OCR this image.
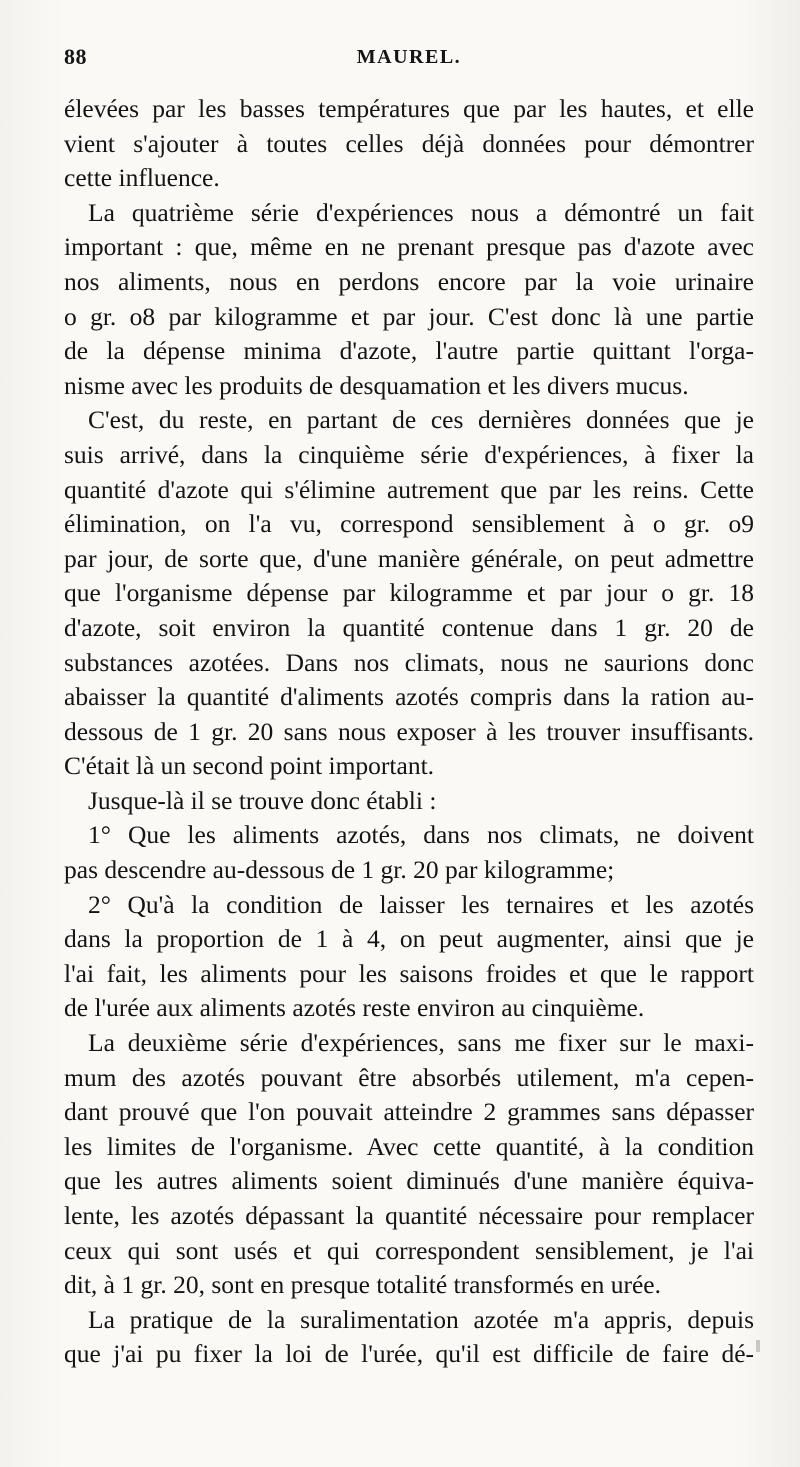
88	MAUREL.
élevées par les basses températures que par les hautes, et elle
vient s'ajouter à toutes celles déjà données pour démontrer
cette influence.
La quatrième série d'expériences nous a démontré un fait
important : que, même en ne prenant presque pas d'azote avec
nos aliments, nous en perdons encore par la voie urinaire
o gr. o8 par kilogramme et par jour. C'est donc là une partie
de la dépense minima d'azote, l'autre partie quittant l'orga-
nisme avec les produits de desquamation et les divers mucus.
C'est, du reste, en partant de ces dernières données que je
suis arrivé, dans la cinquième série d'expériences, à fixer la
quantité d'azote qui s'élimine autrement que par les reins. Cette
élimination, on l'a vu, correspond sensiblement à o gr. o9
par jour, de sorte que, d'une manière générale, on peut admettre
que l'organisme dépense par kilogramme et par jour o gr. 18
d'azote, soit environ la quantité contenue dans 1 gr. 20 de
substances azotées. Dans nos climats, nous ne saurions donc
abaisser la quantité d'aliments azotés compris dans la ration au-
dessous de 1 gr. 20 sans nous exposer à les trouver insuffisants.
C'était là un second point important.
Jusque-là il se trouve donc établi :
1° Que les aliments azotés, dans nos climats, ne doivent
pas descendre au-dessous de 1 gr. 20 par kilogramme;
2° Qu'à la condition de laisser les ternaires et les azotés
dans la proportion de 1 à 4, on peut augmenter, ainsi que je
l'ai fait, les aliments pour les saisons froides et que le rapport
de l'urée aux aliments azotés reste environ au cinquième.
La deuxième série d'expériences, sans me fixer sur le maxi-
mum des azotés pouvant être absorbés utilement, m'a cepen-
dant prouvé que l'on pouvait atteindre 2 grammes sans dépasser
les limites de l'organisme. Avec cette quantité, à la condition
que les autres aliments soient diminués d'une manière équiva-
lente, les azotés dépassant la quantité nécessaire pour remplacer
ceux qui sont usés et qui correspondent sensiblement, je l'ai
dit, à 1 gr. 20, sont en presque totalité transformés en urée.
La pratique de la suralimentation azotée m'a appris, depuis
que j'ai pu fixer la loi de l'urée, qu'il est difficile de faire dé-
